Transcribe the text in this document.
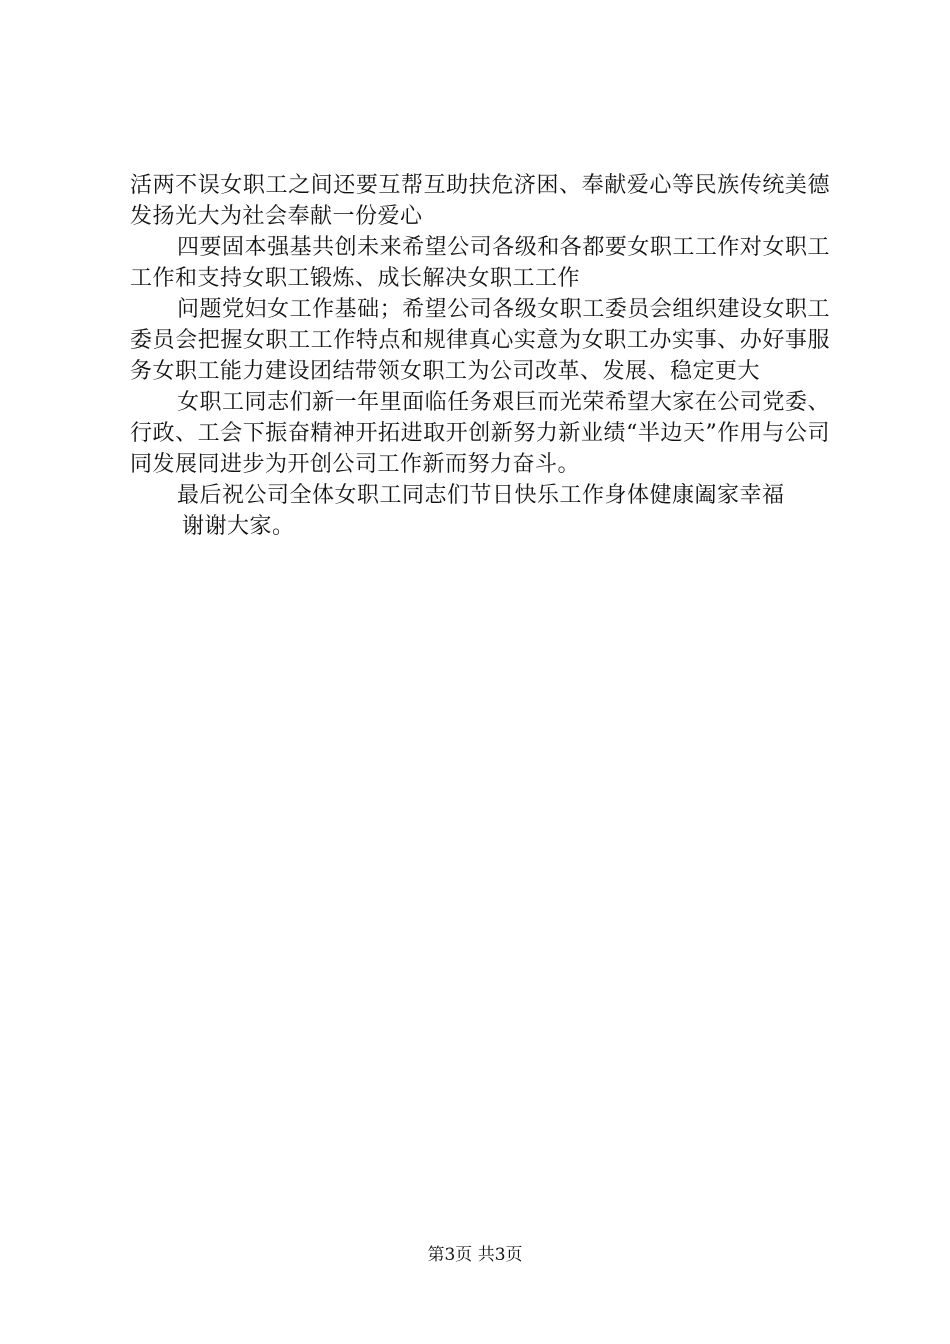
活两不误女职工之间还要互帮互助扶危济困、奉献爱心等民族传统美德发扬光大为社会奉献一份爱心

四要固本强基共创未来希望公司各级和各都要女职工工作对女职工工作和支持女职工锻炼、成长解决女职工工作

问题党妇女工作基础；希望公司各级女职工委员会组织建设女职工委员会把握女职工工作特点和规律真心实意为女职工办实事、办好事服务女职工能力建设团结带领女职工为公司改革、发展、稳定更大

女职工同志们新一年里面临任务艰巨而光荣希望大家在公司党委、行政、工会下振奋精神开拓进取开创新努力新业绩“半边天”作用与公司同发展同进步为开创公司工作新而努力奋斗。

最后祝公司全体女职工同志们节日快乐工作身体健康阖家幸福

谢谢大家。

第3页 共3页
